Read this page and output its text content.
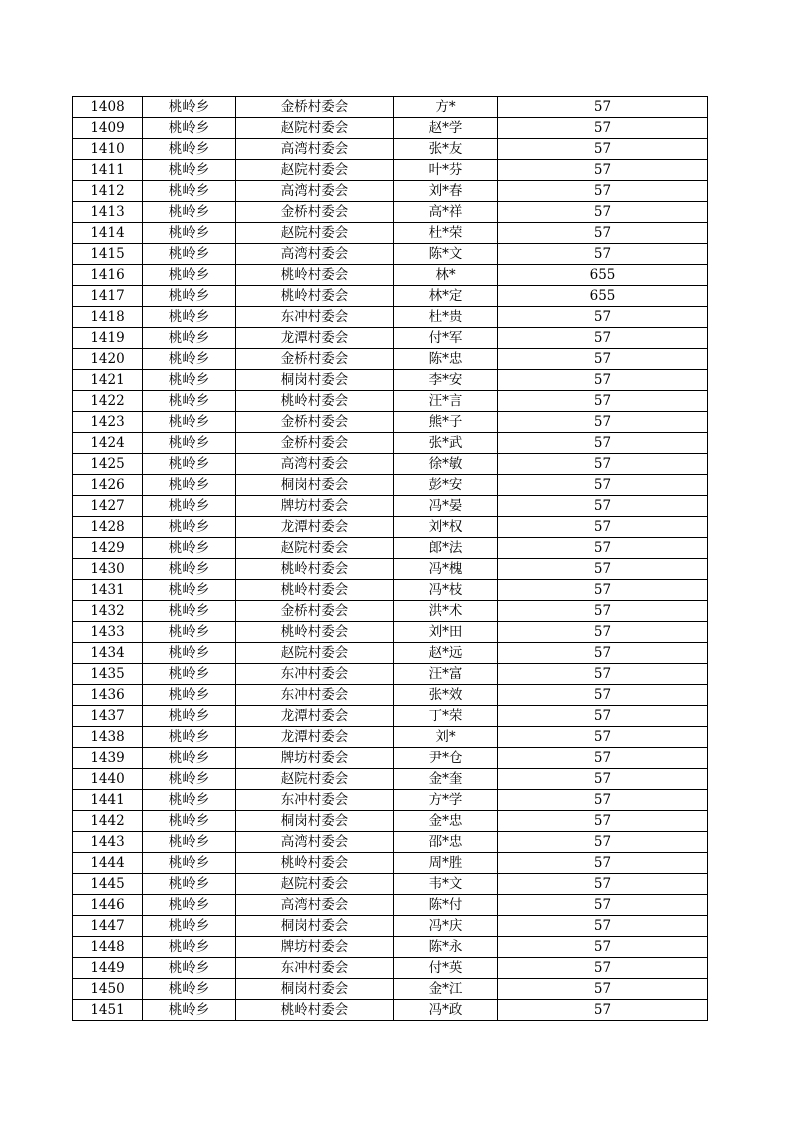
1408	桃岭乡	金桥村委会	方*	57
1409	桃岭乡	赵院村委会	赵*学	57
1410	桃岭乡	高湾村委会	张*友	57
1411	桃岭乡	赵院村委会	叶*芬	57
1412	桃岭乡	高湾村委会	刘*春	57
1413	桃岭乡	金桥村委会	高*祥	57
1414	桃岭乡	赵院村委会	杜*荣	57
1415	桃岭乡	高湾村委会	陈*文	57
1416	桃岭乡	桃岭村委会	林*	655
1417	桃岭乡	桃岭村委会	林*定	655
1418	桃岭乡	东冲村委会	杜*贵	57
1419	桃岭乡	龙潭村委会	付*军	57
1420	桃岭乡	金桥村委会	陈*忠	57
1421	桃岭乡	桐岗村委会	李*安	57
1422	桃岭乡	桃岭村委会	汪*言	57
1423	桃岭乡	金桥村委会	熊*子	57
1424	桃岭乡	金桥村委会	张*武	57
1425	桃岭乡	高湾村委会	徐*敏	57
1426	桃岭乡	桐岗村委会	彭*安	57
1427	桃岭乡	牌坊村委会	冯*晏	57
1428	桃岭乡	龙潭村委会	刘*权	57
1429	桃岭乡	赵院村委会	郎*法	57
1430	桃岭乡	桃岭村委会	冯*槐	57
1431	桃岭乡	桃岭村委会	冯*枝	57
1432	桃岭乡	金桥村委会	洪*术	57
1433	桃岭乡	桃岭村委会	刘*田	57
1434	桃岭乡	赵院村委会	赵*远	57
1435	桃岭乡	东冲村委会	汪*富	57
1436	桃岭乡	东冲村委会	张*效	57
1437	桃岭乡	龙潭村委会	丁*荣	57
1438	桃岭乡	龙潭村委会	刘*	57
1439	桃岭乡	牌坊村委会	尹*仓	57
1440	桃岭乡	赵院村委会	金*奎	57
1441	桃岭乡	东冲村委会	方*学	57
1442	桃岭乡	桐岗村委会	金*忠	57
1443	桃岭乡	高湾村委会	邵*忠	57
1444	桃岭乡	桃岭村委会	周*胜	57
1445	桃岭乡	赵院村委会	韦*文	57
1446	桃岭乡	高湾村委会	陈*付	57
1447	桃岭乡	桐岗村委会	冯*庆	57
1448	桃岭乡	牌坊村委会	陈*永	57
1449	桃岭乡	东冲村委会	付*英	57
1450	桃岭乡	桐岗村委会	金*江	57
1451	桃岭乡	桃岭村委会	冯*政	57
